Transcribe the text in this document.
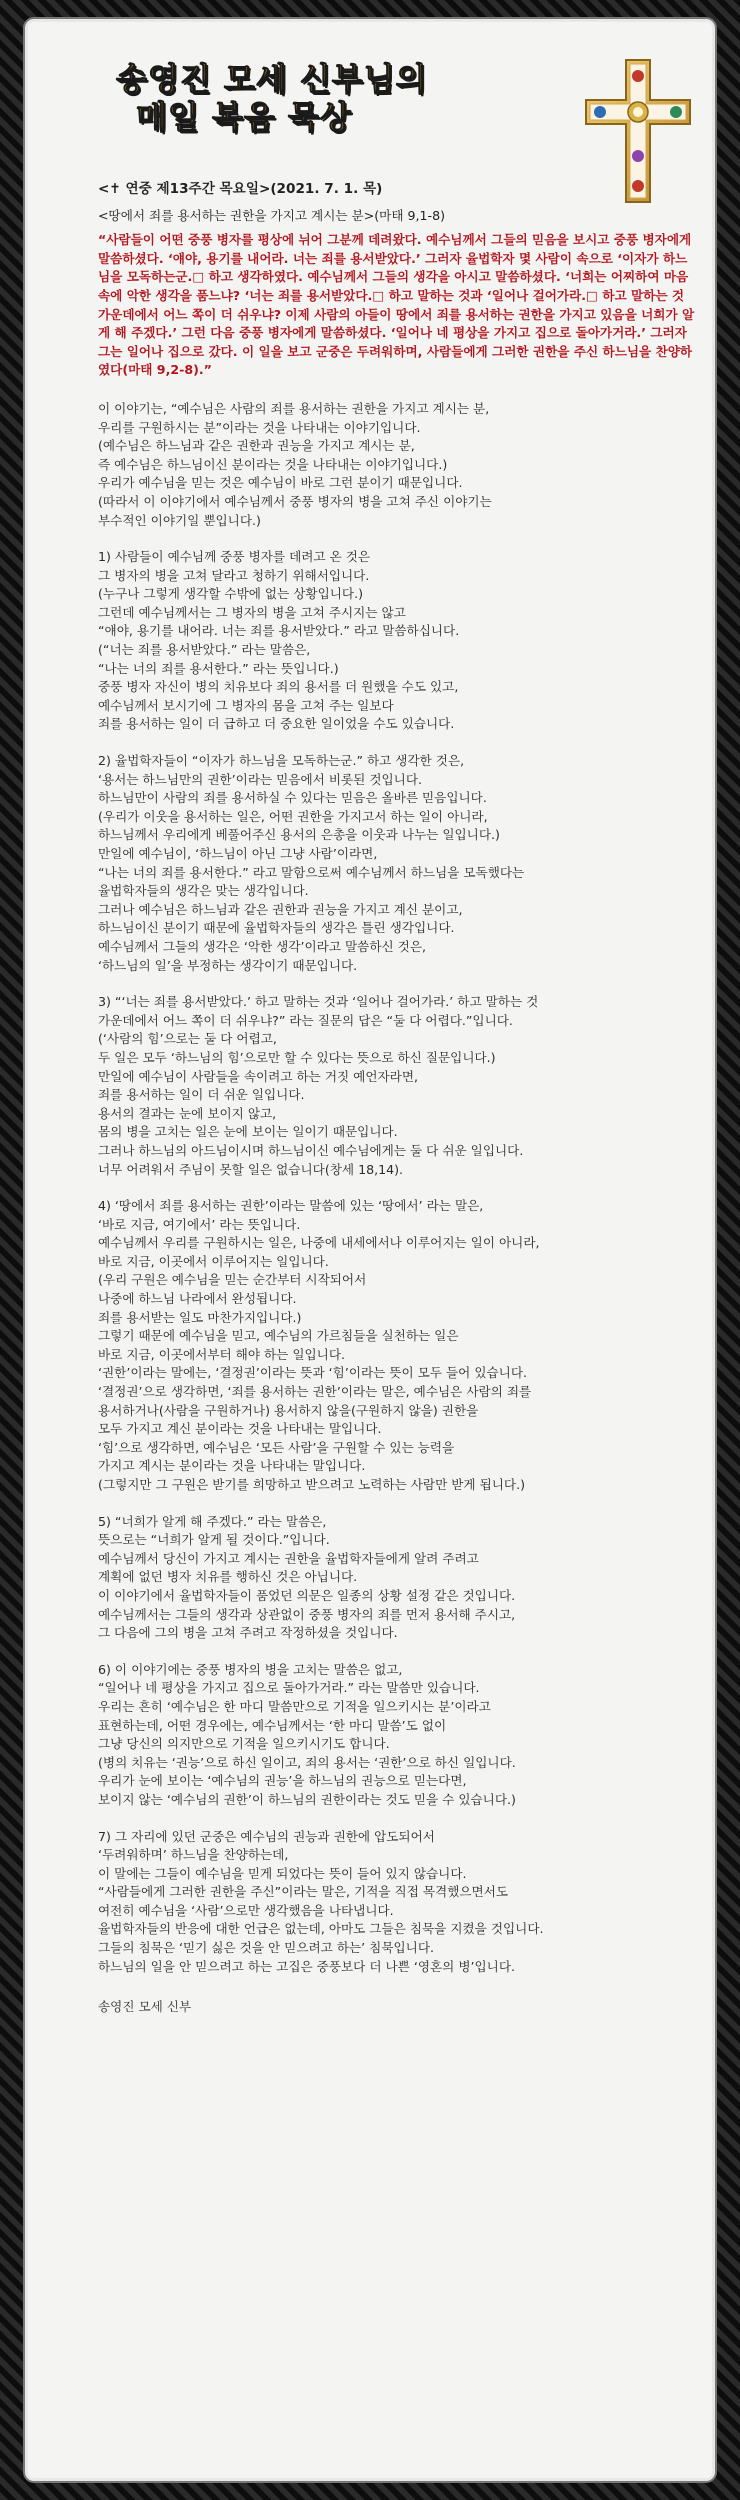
송영진 모세 신부님의
매일 복음 묵상
<✝ 연중 제13주간 목요일>(2021. 7. 1. 목)
<땅에서 죄를 용서하는 권한을 가지고 계시는 분>(마태 9,1-8)
“사람들이 어떤 중풍 병자를 평상에 뉘어 그분께 데려왔다. 예수님께서 그들의 믿음을 보시고 중풍 병자에게 말씀하셨다. ‘얘야, 용기를 내어라. 너는 죄를 용서받았다.’ 그러자 율법학자 몇 사람이 속으로 ‘이자가 하느님을 모독하는군.□ 하고 생각하였다. 예수님께서 그들의 생각을 아시고 말씀하셨다. ‘너희는 어찌하여 마음속에 악한 생각을 품느냐? ‘너는 죄를 용서받았다.□ 하고 말하는 것과 ‘일어나 걸어가라.□ 하고 말하는 것 가운데에서 어느 쪽이 더 쉬우냐? 이제 사람의 아들이 땅에서 죄를 용서하는 권한을 가지고 있음을 너희가 알게 해 주겠다.’ 그런 다음 중풍 병자에게 말씀하셨다. ‘일어나 네 평상을 가지고 집으로 돌아가거라.’ 그러자 그는 일어나 집으로 갔다. 이 일을 보고 군중은 두려워하며, 사람들에게 그러한 권한을 주신 하느님을 찬양하였다(마태 9,2-8).”
이 이야기는, “예수님은 사람의 죄를 용서하는 권한을 가지고 계시는 분,
우리를 구원하시는 분”이라는 것을 나타내는 이야기입니다.
(예수님은 하느님과 같은 권한과 권능을 가지고 계시는 분,
즉 예수님은 하느님이신 분이라는 것을 나타내는 이야기입니다.)
우리가 예수님을 믿는 것은 예수님이 바로 그런 분이기 때문입니다.
(따라서 이 이야기에서 예수님께서 중풍 병자의 병을 고쳐 주신 이야기는
부수적인 이야기일 뿐입니다.)
1) 사람들이 예수님께 중풍 병자를 데려고 온 것은
그 병자의 병을 고쳐 달라고 청하기 위해서입니다.
(누구나 그렇게 생각할 수밖에 없는 상황입니다.)
그런데 예수님께서는 그 병자의 병을 고쳐 주시지는 않고
“얘야, 용기를 내어라. 너는 죄를 용서받았다.” 라고 말씀하십니다.
(“너는 죄를 용서받았다.” 라는 말씀은,
“나는 너의 죄를 용서한다.” 라는 뜻입니다.)
중풍 병자 자신이 병의 치유보다 죄의 용서를 더 원했을 수도 있고,
예수님께서 보시기에 그 병자의 몸을 고쳐 주는 일보다
죄를 용서하는 일이 더 급하고 더 중요한 일이었을 수도 있습니다.
2) 율법학자들이 “이자가 하느님을 모독하는군.” 하고 생각한 것은,
‘용서는 하느님만의 권한’이라는 믿음에서 비롯된 것입니다.
하느님만이 사람의 죄를 용서하실 수 있다는 믿음은 올바른 믿음입니다.
(우리가 이웃을 용서하는 일은, 어떤 권한을 가지고서 하는 일이 아니라,
하느님께서 우리에게 베풀어주신 용서의 은총을 이웃과 나누는 일입니다.)
만일에 예수님이, ‘하느님이 아닌 그냥 사람’이라면,
“나는 너의 죄를 용서한다.” 라고 말함으로써 예수님께서 하느님을 모독했다는
율법학자들의 생각은 맞는 생각입니다.
그러나 예수님은 하느님과 같은 권한과 권능을 가지고 계신 분이고,
하느님이신 분이기 때문에 율법학자들의 생각은 틀린 생각입니다.
예수님께서 그들의 생각은 ‘악한 생각’이라고 말씀하신 것은,
‘하느님의 일’을 부정하는 생각이기 때문입니다.
3) “‘너는 죄를 용서받았다.’ 하고 말하는 것과 ‘일어나 걸어가라.’ 하고 말하는 것
가운데에서 어느 쪽이 더 쉬우냐?” 라는 질문의 답은 “둘 다 어렵다.”입니다.
(‘사람의 힘’으로는 둘 다 어렵고,
두 일은 모두 ‘하느님의 힘’으로만 할 수 있다는 뜻으로 하신 질문입니다.)
만일에 예수님이 사람들을 속이려고 하는 거짓 예언자라면,
죄를 용서하는 일이 더 쉬운 일입니다.
용서의 결과는 눈에 보이지 않고,
몸의 병을 고치는 일은 눈에 보이는 일이기 때문입니다.
그러나 하느님의 아드님이시며 하느님이신 예수님에게는 둘 다 쉬운 일입니다.
너무 어려워서 주님이 못할 일은 없습니다(창세 18,14).
4) ‘땅에서 죄를 용서하는 권한’이라는 말씀에 있는 ‘땅에서’ 라는 말은,
‘바로 지금, 여기에서’ 라는 뜻입니다.
예수님께서 우리를 구원하시는 일은, 나중에 내세에서나 이루어지는 일이 아니라,
바로 지금, 이곳에서 이루어지는 일입니다.
(우리 구원은 예수님을 믿는 순간부터 시작되어서
나중에 하느님 나라에서 완성됩니다.
죄를 용서받는 일도 마찬가지입니다.)
그렇기 때문에 예수님을 믿고, 예수님의 가르침들을 실천하는 일은
바로 지금, 이곳에서부터 해야 하는 일입니다.
‘권한’이라는 말에는, ‘결정권’이라는 뜻과 ‘힘’이라는 뜻이 모두 들어 있습니다.
‘결정권’으로 생각하면, ‘죄를 용서하는 권한’이라는 말은, 예수님은 사람의 죄를
용서하거나(사람을 구원하거나) 용서하지 않을(구원하지 않을) 권한을
모두 가지고 계신 분이라는 것을 나타내는 말입니다.
‘힘’으로 생각하면, 예수님은 ‘모든 사람’을 구원할 수 있는 능력을
가지고 계시는 분이라는 것을 나타내는 말입니다.
(그렇지만 그 구원은 받기를 희망하고 받으려고 노력하는 사람만 받게 됩니다.)
5) “너희가 알게 해 주겠다.” 라는 말씀은,
뜻으로는 “너희가 알게 될 것이다.”입니다.
예수님께서 당신이 가지고 계시는 권한을 율법학자들에게 알려 주려고
계획에 없던 병자 치유를 행하신 것은 아닙니다.
이 이야기에서 율법학자들이 품었던 의문은 일종의 상황 설정 같은 것입니다.
예수님께서는 그들의 생각과 상관없이 중풍 병자의 죄를 먼저 용서해 주시고,
그 다음에 그의 병을 고쳐 주려고 작정하셨을 것입니다.
6) 이 이야기에는 중풍 병자의 병을 고치는 말씀은 없고,
“일어나 네 평상을 가지고 집으로 돌아가거라.” 라는 말씀만 있습니다.
우리는 흔히 ‘예수님은 한 마디 말씀만으로 기적을 일으키시는 분’이라고
표현하는데, 어떤 경우에는, 예수님께서는 ‘한 마디 말씀’도 없이
그냥 당신의 의지만으로 기적을 일으키시기도 합니다.
(병의 치유는 ‘권능’으로 하신 일이고, 죄의 용서는 ‘권한’으로 하신 일입니다.
우리가 눈에 보이는 ‘예수님의 권능’을 하느님의 권능으로 믿는다면,
보이지 않는 ‘예수님의 권한’이 하느님의 권한이라는 것도 믿을 수 있습니다.)
7) 그 자리에 있던 군중은 예수님의 권능과 권한에 압도되어서
‘두려워하며’ 하느님을 찬양하는데,
이 말에는 그들이 예수님을 믿게 되었다는 뜻이 들어 있지 않습니다.
“사람들에게 그러한 권한을 주신”이라는 말은, 기적을 직접 목격했으면서도
여전히 예수님을 ‘사람’으로만 생각했음을 나타냅니다.
율법학자들의 반응에 대한 언급은 없는데, 아마도 그들은 침묵을 지켰을 것입니다.
그들의 침묵은 ‘믿기 싫은 것을 안 믿으려고 하는’ 침묵입니다.
하느님의 일을 안 믿으려고 하는 고집은 중풍보다 더 나쁜 ‘영혼의 병’입니다.
송영진 모세 신부
